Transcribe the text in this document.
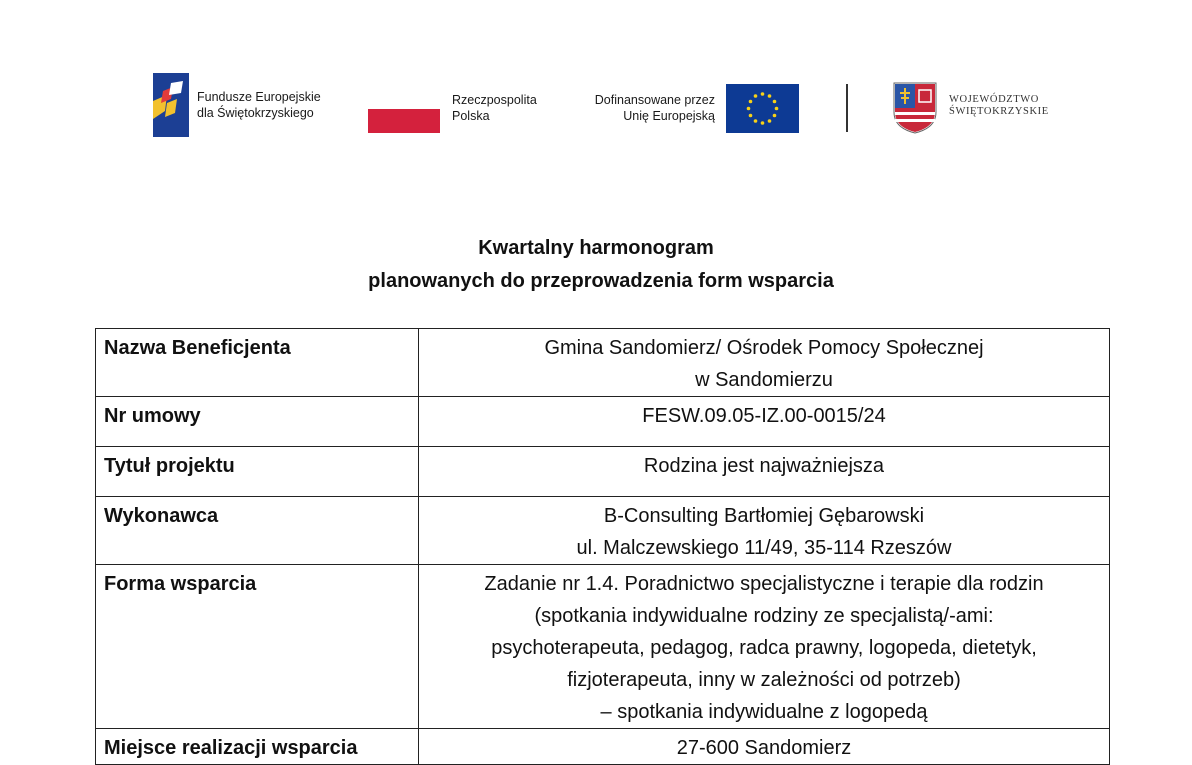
Fundusze Europejskie
dla Świętokrzyskiego
Rzeczpospolita
Polska
Dofinansowane przez
Unię Europejską
WOJEWÓDZTWO
ŚWIĘTOKRZYSKIE
Kwartalny harmonogram
planowanych do przeprowadzenia form wsparcia
Nazwa Beneficjenta	Gmina Sandomierz/ Ośrodek Pomocy Społecznej
w Sandomierzu

Nr umowy	FESW.09.05-IZ.00-0015/24

Tytuł projektu	Rodzina jest najważniejsza

Wykonawca	B-Consulting Bartłomiej Gębarowski
ul. Malczewskiego 11/49, 35-114 Rzeszów

Forma wsparcia	Zadanie nr 1.4. Poradnictwo specjalistyczne i terapie dla rodzin
(spotkania indywidualne rodziny ze specjalistą/-ami:
psychoterapeuta, pedagog, radca prawny, logopeda, dietetyk,
fizjoterapeuta, inny w zależności od potrzeb)
– spotkania indywidualne z logopedą

Miejsce realizacji wsparcia	27-600 Sandomierz
